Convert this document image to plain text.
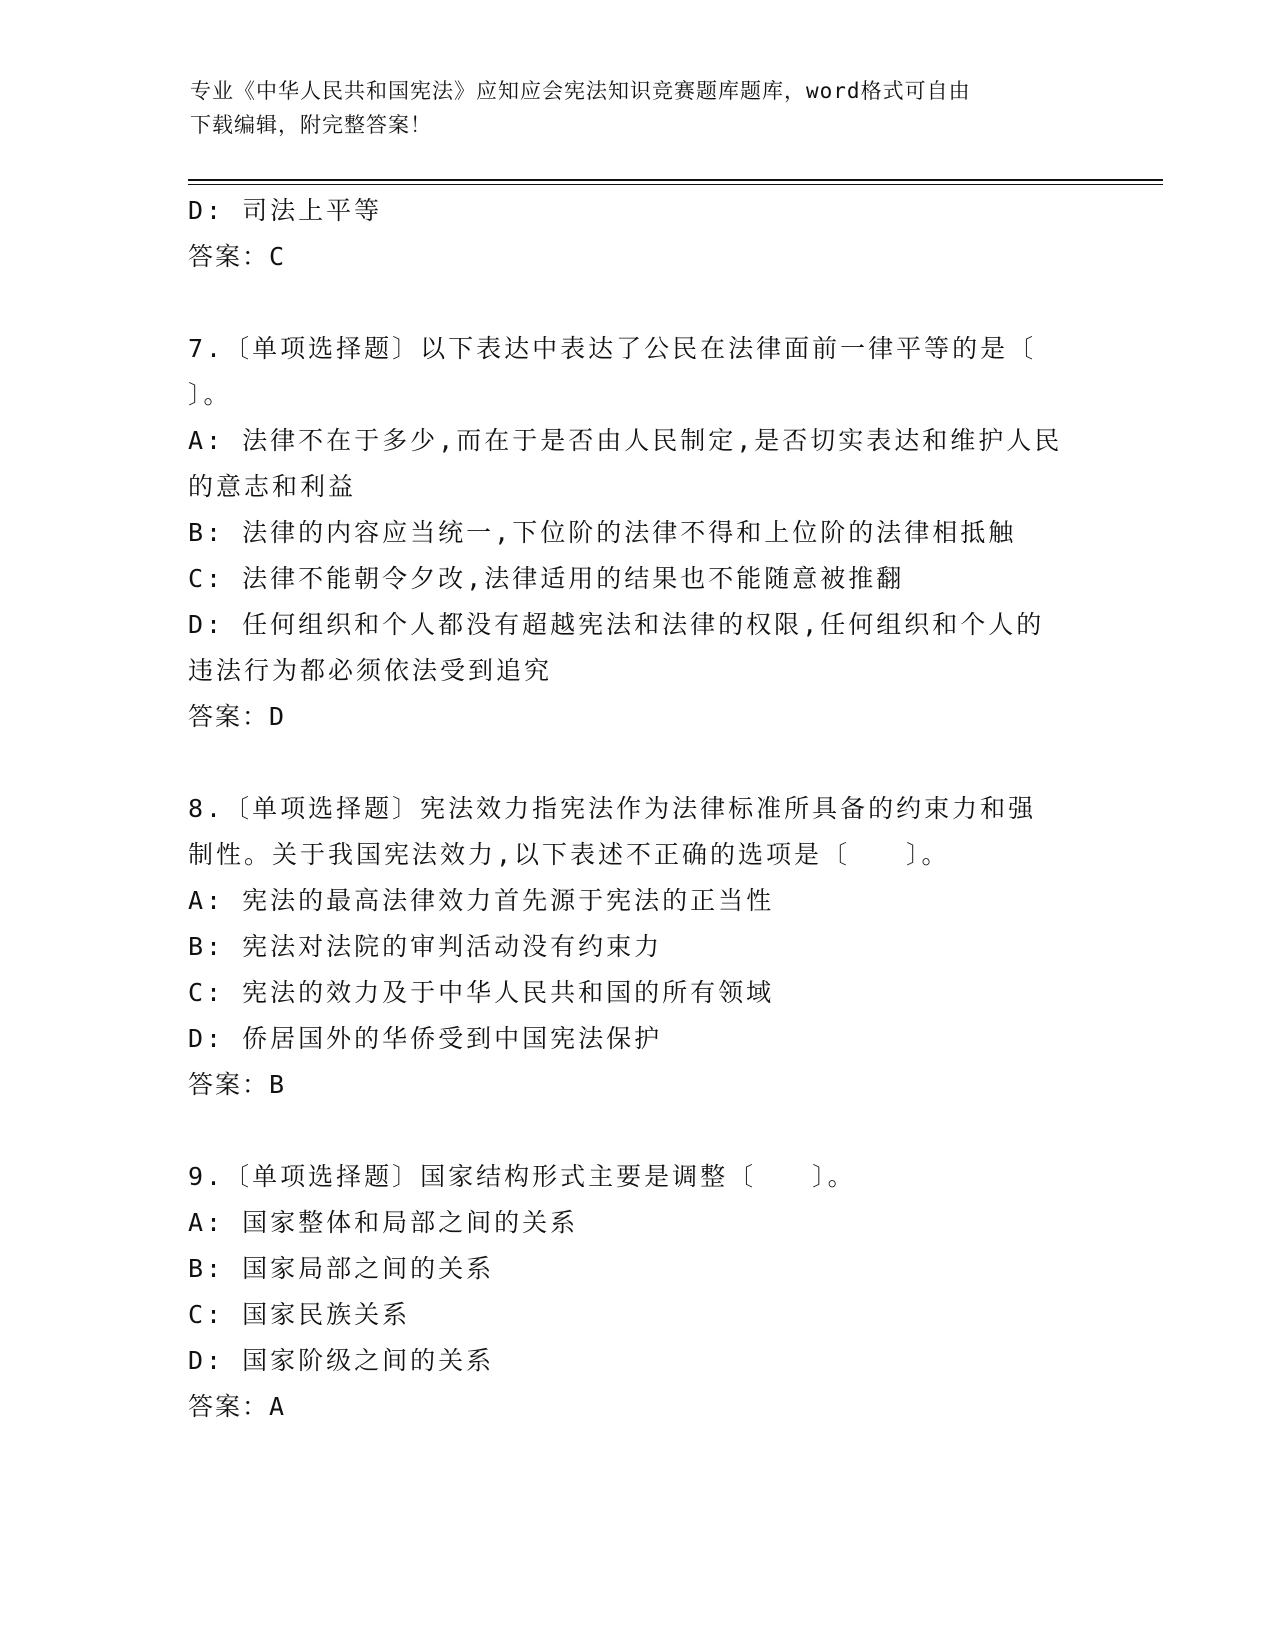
专业《中华人民共和国宪法》应知应会宪法知识竞赛题库题库，word格式可自由
下载编辑，附完整答案！
D: 司法上平等
答案：C
7.〔单项选择题〕以下表达中表达了公民在法律面前一律平等的是〔
〕。
A: 法律不在于多少,而在于是否由人民制定,是否切实表达和维护人民
的意志和利益
B: 法律的内容应当统一,下位阶的法律不得和上位阶的法律相抵触
C: 法律不能朝令夕改,法律适用的结果也不能随意被推翻
D: 任何组织和个人都没有超越宪法和法律的权限,任何组织和个人的
违法行为都必须依法受到追究
答案：D
8.〔单项选择题〕宪法效力指宪法作为法律标准所具备的约束力和强
制性。关于我国宪法效力,以下表述不正确的选项是〔　　〕。
A: 宪法的最高法律效力首先源于宪法的正当性
B: 宪法对法院的审判活动没有约束力
C: 宪法的效力及于中华人民共和国的所有领域
D: 侨居国外的华侨受到中国宪法保护
答案：B
9.〔单项选择题〕国家结构形式主要是调整〔　　〕。
A: 国家整体和局部之间的关系
B: 国家局部之间的关系
C: 国家民族关系
D: 国家阶级之间的关系
答案：A
